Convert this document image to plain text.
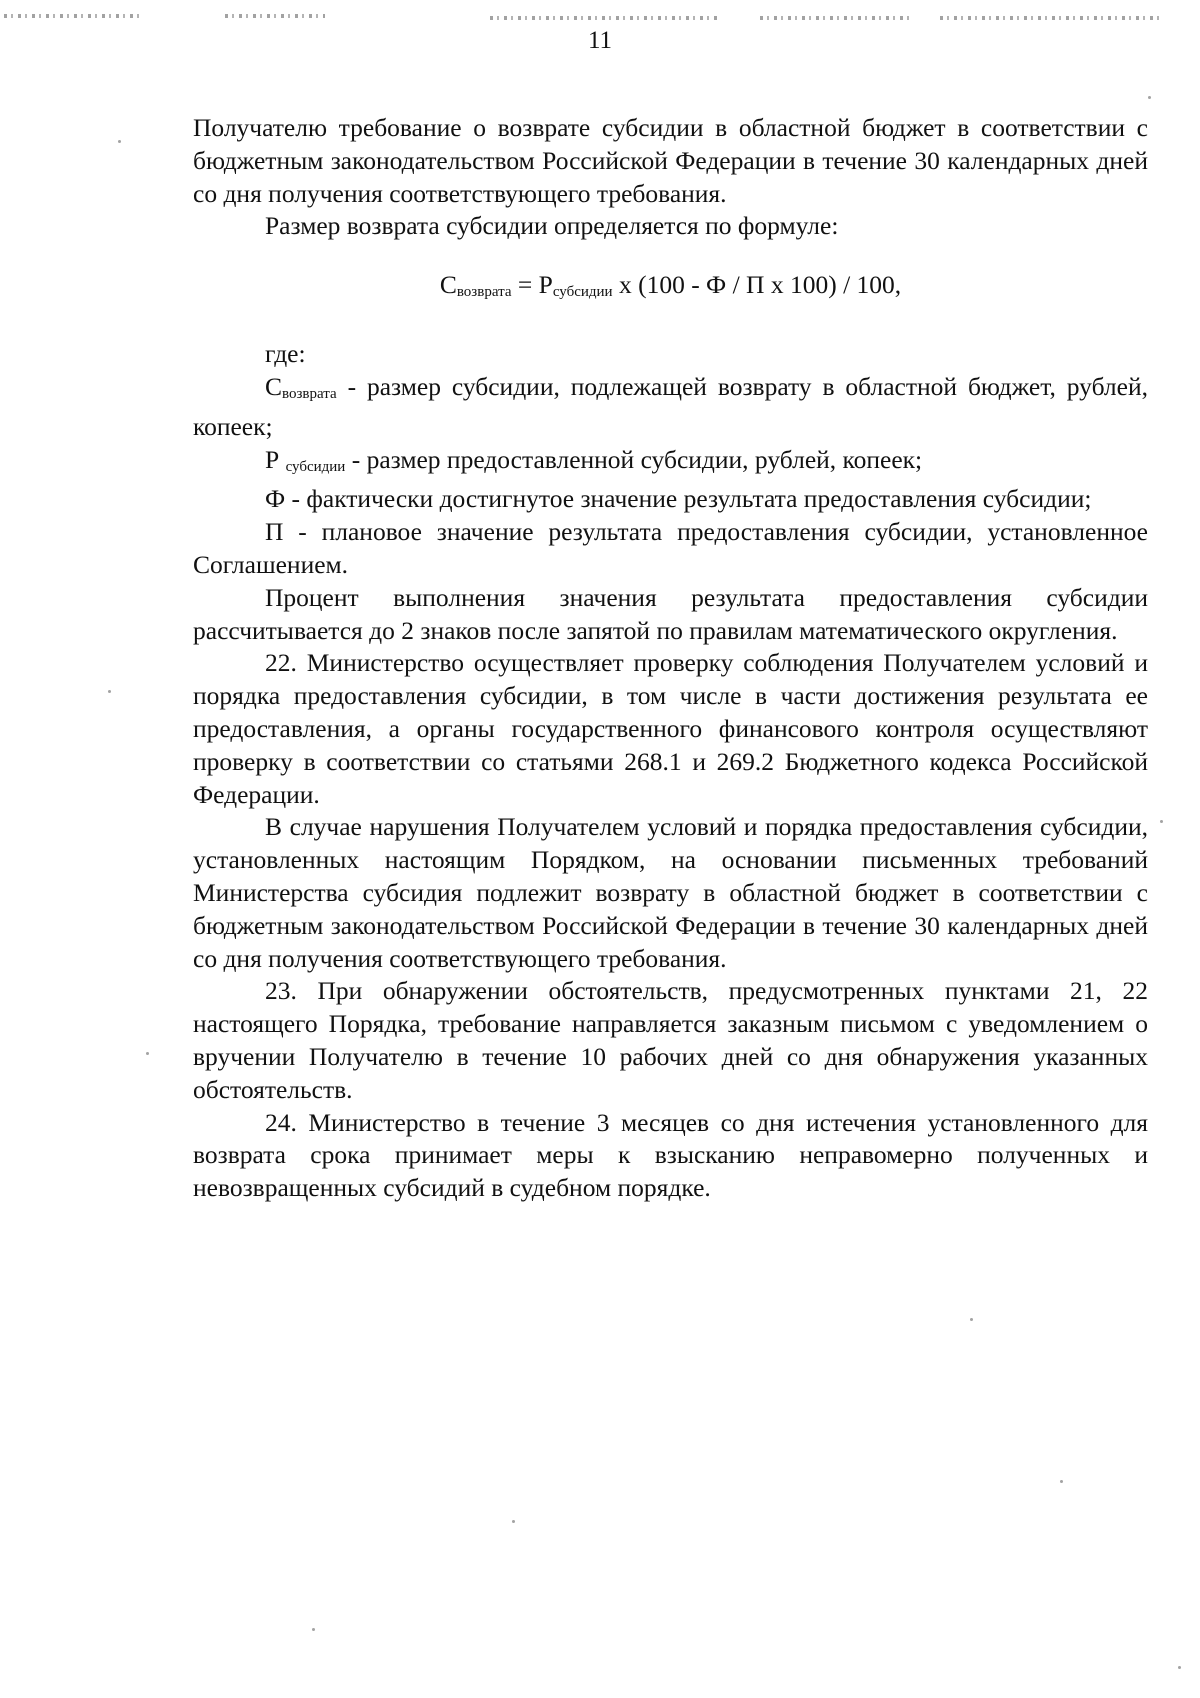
11

Получателю требование о возврате субсидии в областной бюджет в соответствии с бюджетным законодательством Российской Федерации в течение 30 календарных дней со дня получения соответствующего требования.

Размер возврата субсидии определяется по формуле:

$С_{возврата} = Р_{субсидии}$ х (100 - Ф / П х 100) / 100,

где:

$С_{возврата}$ - размер субсидии, подлежащей возврату в областной бюджет, рублей, копеек;

Р $_{субсидии}$ - размер предоставленной субсидии, рублей, копеек;

Ф - фактически достигнутое значение результата предоставления субсидии;

П - плановое значение результата предоставления субсидии, установленное Соглашением.

Процент выполнения значения результата предоставления субсидии рассчитывается до 2 знаков после запятой по правилам математического округления.

22. Министерство осуществляет проверку соблюдения Получателем условий и порядка предоставления субсидии, в том числе в части достижения результата ее предоставления, а органы государственного финансового контроля осуществляют проверку в соответствии со статьями 268.1 и 269.2 Бюджетного кодекса Российской Федерации.

В случае нарушения Получателем условий и порядка предоставления субсидии, установленных настоящим Порядком, на основании письменных требований Министерства субсидия подлежит возврату в областной бюджет в соответствии с бюджетным законодательством Российской Федерации в течение 30 календарных дней со дня получения соответствующего требования.

23. При обнаружении обстоятельств, предусмотренных пунктами 21, 22 настоящего Порядка, требование направляется заказным письмом с уведомлением о вручении Получателю в течение 10 рабочих дней со дня обнаружения указанных обстоятельств.

24. Министерство в течение 3 месяцев со дня истечения установленного для возврата срока принимает меры к взысканию неправомерно полученных и невозвращенных субсидий в судебном порядке.
